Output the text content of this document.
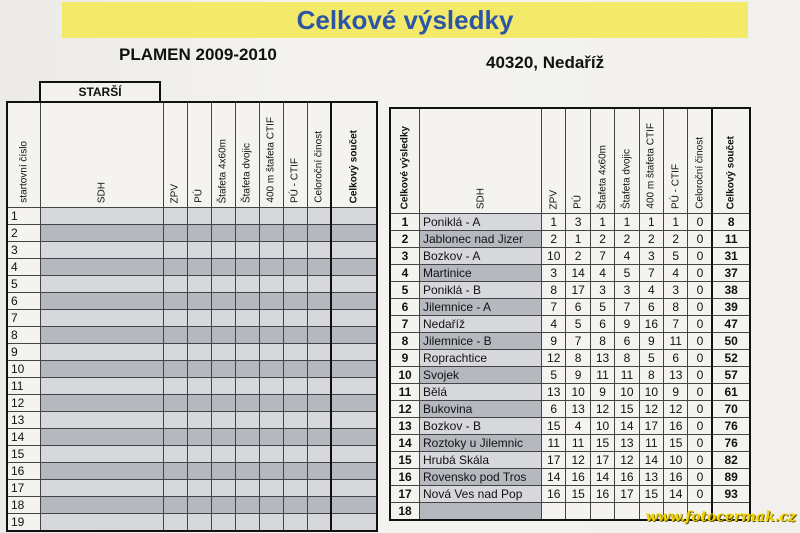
Celkové výsledky
PLAMEN 2009-2010	40320, Nedaříž
STARŠÍ
startovní číslo	SDH	ZPV	PÚ	Štafeta 4x60m	Štafeta dvojic	400 m štafeta CTIF	PÚ - CTIF	Celoroční činost	Celkový součet

1									
2									
3									
4									
5									
6									
7									
8									
9									
10									
11									
12									
13									
14									
15									
16									
17									
18									
19									
Celkové výsledky	SDH	ZPV	PÚ	Štafeta 4x60m	Štafeta dvojic	400 m štafeta CTIF	PÚ - CTIF	Celoroční činost	Celkový součet

1	Poniklá - A	1	3	1	1	1	1	0	8
2	Jablonec nad Jizer	2	1	2	2	2	2	0	11
3	Bozkov - A	10	2	7	4	3	5	0	31
4	Martinice	3	14	4	5	7	4	0	37
5	Poniklá - B	8	17	3	3	4	3	0	38
6	Jilemnice - A	7	6	5	7	6	8	0	39
7	Nedaříž	4	5	6	9	16	7	0	47
8	Jilemnice - B	9	7	8	6	9	11	0	50
9	Roprachtice	12	8	13	8	5	6	0	52
10	Svojek	5	9	11	11	8	13	0	57
11	Bělá	13	10	9	10	10	9	0	61
12	Bukovina	6	13	12	15	12	12	0	70
13	Bozkov - B	15	4	10	14	17	16	0	76
14	Roztoky u Jilemnic	11	11	15	13	11	15	0	76
15	Hrubá Skála	17	12	17	12	14	10	0	82
16	Rovensko pod Tros	14	16	14	16	13	16	0	89
17	Nová Ves nad Pop	16	15	16	17	15	14	0	93
18										www.fotocermak.cz
